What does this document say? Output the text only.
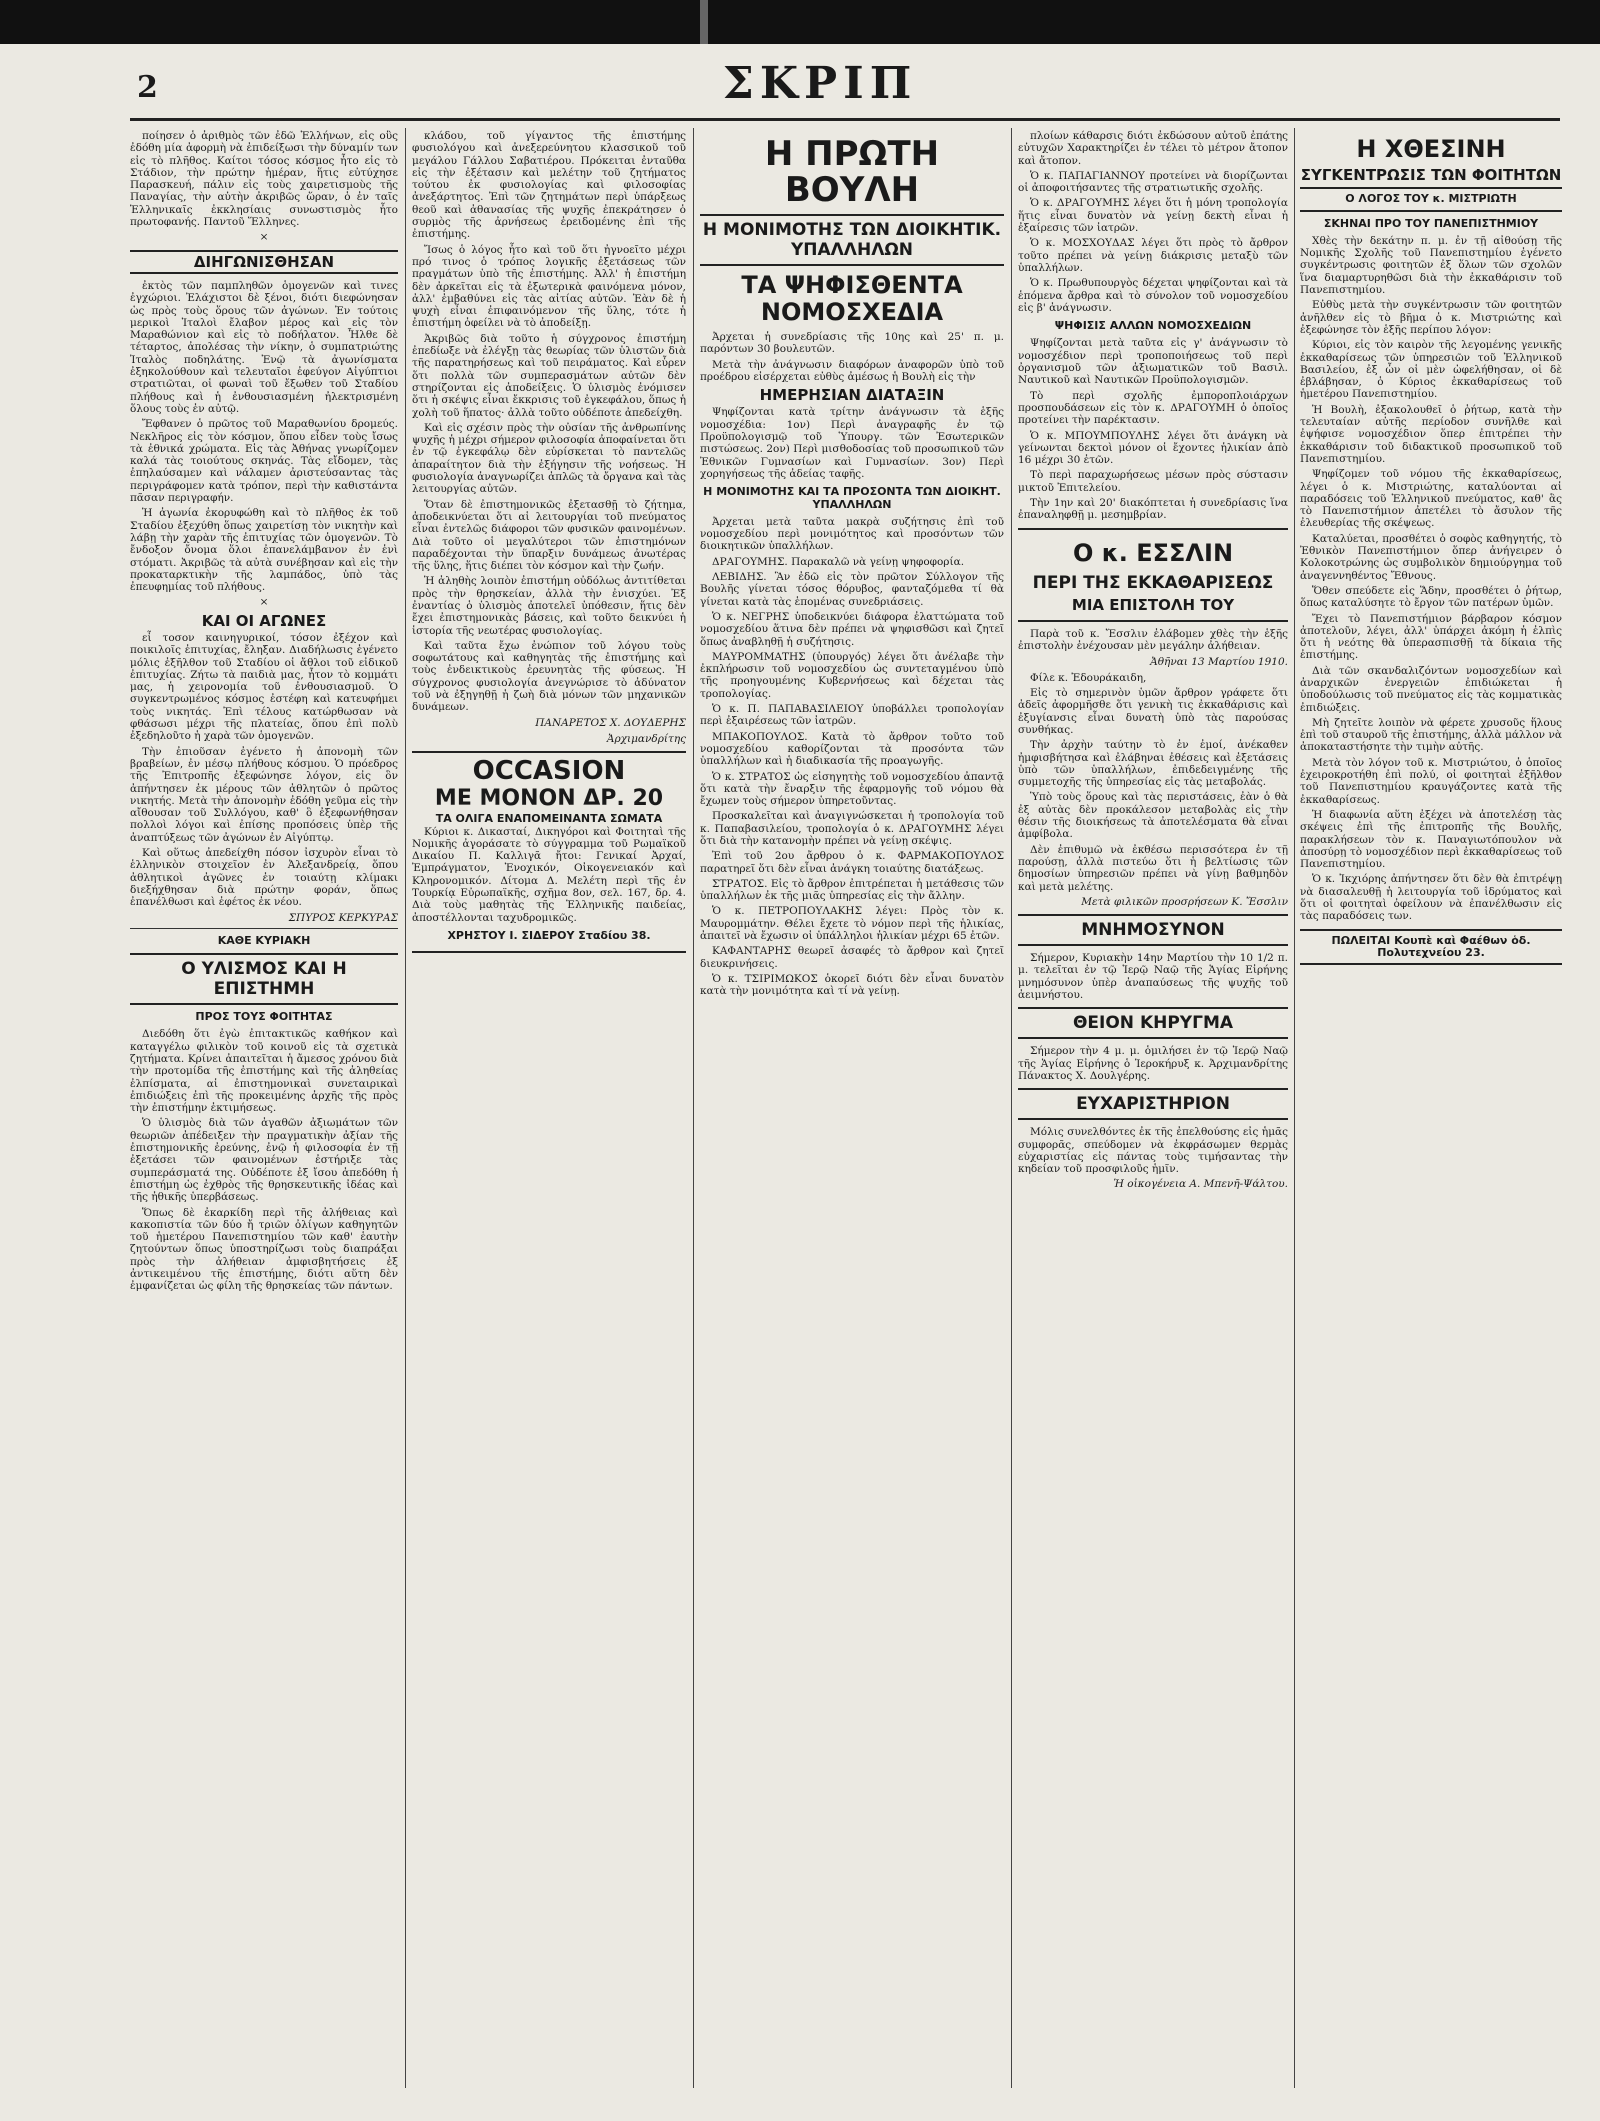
2	ΣΚΡΙΠ

ποίησεν ὁ ἀριθμὸς τῶν ἐδῶ Ἑλλήνων, εἰς οὓς ἐδόθη μία ἀφορμὴ νὰ ἐπιδείξωσι τὴν δύναμίν των εἰς τὸ πλῆθος. Καίτοι τόσος κόσμος ἦτο εἰς τὸ Στάδιον, τὴν πρώτην ἡμέραν, ἥτις εὐτύχησε Παρασκευή, πάλιν εἰς τοὺς χαιρετισμοὺς τῆς Παναγίας, τὴν αὐτὴν ἀκριβῶς ὥραν, ὁ ἐν ταῖς Ἑλληνικαῖς ἐκκλησίαις συνωστισμὸς ἦτο πρωτοφανής. Παντοῦ Ἕλληνες.

×
ΔΙΗΓΩΝΙΣΘΗΣΑΝ

ἐκτὸς τῶν παμπληθῶν ὁμογενῶν καὶ τινες ἐγχώριοι. Ἐλάχιστοι δὲ ξένοι, διότι διεφώνησαν ὡς πρὸς τοὺς ὅρους τῶν ἀγώνων. Ἐν τούτοις μερικοὶ Ἰταλοὶ ἔλαβον μέρος καὶ εἰς τὸν Μαραθώνιον καὶ εἰς τὸ ποδήλατον. Ἦλθε δὲ τέταρτος, ἀπολέσας τὴν νίκην, ὁ συμπατριώτης Ἰταλὸς ποδηλάτης. Ἐνῷ τὰ ἀγωνίσματα ἐξηκολούθουν καὶ τελευταῖοι ἐφεύγον Αἰγύπτιοι στρατιῶται, οἱ φωναὶ τοῦ ἔξωθεν τοῦ Σταδίου πλήθους καὶ ἡ ἐνθουσιασμένη ἠλεκτρισμένη ὅλους τοὺς ἐν αὐτῷ.

Ἔφθανεν ὁ πρῶτος τοῦ Μαραθωνίου δρομεύς. Νεκλῆρος εἰς τὸν κόσμον, ὅπου εἶδεν τοὺς ἴσως τὰ ἐθνικά χρώματα. Εἰς τὰς Ἀθήνας γνωρίζομεν καλά τὰς τοιούτους σκηνάς. Τὰς εἴδομεν, τὰς ἐπηλαύσαμεν καὶ νάλαμεν ἀριστεύσαντας τὰς περιγράφομεν κατὰ τρόπον, περὶ τὴν καθιστάντα πᾶσαν περιγραφήν.

Ἡ ἀγωνία ἐκορυφώθη καὶ τὸ πλῆθος ἐκ τοῦ Σταδίου ἐξεχύθη ὅπως χαιρετίσῃ τὸν νικητὴν καὶ λάβῃ τὴν χαρὰν τῆς ἐπιτυχίας τῶν ὁμογενῶν. Τὸ ἔνδοξον ὄνομα ὅλοι ἐπανελάμβανον ἐν ἑνὶ στόματι. Ἀκριβῶς τὰ αὐτὰ συνέβησαν καὶ εἰς τὴν προκαταρκτικὴν τῆς λαμπάδος, ὑπὸ τὰς ἐπευφημίας τοῦ πλήθους.

×
ΚΑΙ ΟΙ ΑΓΩΝΕΣ

εἶ τοσον καινηγυρικοί, τόσον ἐξέχον καὶ ποικιλοῖς ἐπιτυχίας, ἔληξαν. Διαδήλωσις ἐγένετο μόλις ἐξῆλθον τοῦ Σταδίου οἱ ἄθλοι τοῦ εἰδικοῦ ἐπιτυχίας. Ζήτω τὰ παιδιὰ μας, ἦτον τὸ κομμάτι μας, ἡ χειρονομία τοῦ ἐνθουσιασμοῦ. Ὁ συγκεντρωμένος κόσμος ἐστέφη καὶ κατευφήμει τοὺς νικητάς. Ἐπὶ τέλους κατώρθωσαν νὰ φθάσωσι μέχρι τῆς πλατείας, ὅπου ἐπὶ πολὺ ἐξεδηλοῦτο ἡ χαρὰ τῶν ὁμογενῶν.

Τὴν ἐπιοῦσαν ἐγένετο ἡ ἀπονομὴ τῶν βραβείων, ἐν μέσῳ πλήθους κόσμου. Ὁ πρόεδρος τῆς Ἐπιτροπῆς ἐξεφώνησε λόγον, εἰς ὃν ἀπήντησεν ἐκ μέρους τῶν ἀθλητῶν ὁ πρῶτος νικητής. Μετὰ τὴν ἀπονομὴν ἐδόθη γεῦμα εἰς τὴν αἴθουσαν τοῦ Συλλόγου, καθ' ὃ ἐξεφωνήθησαν πολλοὶ λόγοι καὶ ἐπίσης προπόσεις ὑπὲρ τῆς ἀναπτύξεως τῶν ἀγώνων ἐν Αἰγύπτῳ.

Καὶ οὕτως ἀπεδείχθη πόσον ἰσχυρὸν εἶναι τὸ ἑλληνικὸν στοιχεῖον ἐν Ἀλεξανδρείᾳ, ὅπου ἀθλητικοὶ ἀγῶνες ἐν τοιαύτῃ κλίμακι διεξήχθησαν διὰ πρώτην φοράν, ὅπως ἐπανέλθωσι καὶ ἐφέτος ἐκ νέου.

ΣΠΥΡΟΣ ΚΕΡΚΥΡΑΣ
ΚΑΘΕ ΚΥΡΙΑΚΗ
Ο ΥΛΙΣΜΟΣ ΚΑΙ Η ΕΠΙΣΤΗΜΗ
ΠΡΟΣ ΤΟΥΣ ΦΟΙΤΗΤΑΣ

Διεδόθη ὅτι ἐγὼ ἐπιτακτικῶς καθήκον καὶ καταγγέλω φιλικὸν τοῦ κοινοῦ εἰς τὰ σχετικὰ ζητήματα. Κρίνει ἀπαιτεῖται ἡ ἄμεσος χρόνου διὰ τὴν προτομίδα τῆς ἐπιστήμης καὶ τῆς ἀληθείας ἐλπίσματα, αἱ ἐπιστημονικαὶ συνεταιρικαὶ ἐπιδιώξεις ἐπὶ τῆς προκειμένης ἀρχῆς τῆς πρὸς τὴν ἐπιστήμην ἐκτιμήσεως.

Ὁ ὑλισμὸς διὰ τῶν ἀγαθῶν ἀξιωμάτων τῶν θεωριῶν ἀπέδειξεν τὴν πραγματικὴν ἀξίαν τῆς ἐπιστημονικῆς ἐρεύνης, ἐνῷ ἡ φιλοσοφία ἐν τῇ ἐξετάσει τῶν φαινομένων ἐστήριξε τὰς συμπεράσματά της. Οὐδέποτε ἐξ ἴσου ἀπεδόθη ἡ ἐπιστήμη ὡς ἐχθρὸς τῆς θρησκευτικῆς ἰδέας καὶ τῆς ἠθικῆς ὑπερβάσεως.

Ὅπως δὲ ἐκαρκίδη περὶ τῆς ἀλήθειας καὶ κακοπιστία τῶν δύο ἤ τριῶν ὀλίγων καθηγητῶν τοῦ ἡμετέρου Πανεπιστημίου τῶν καθ' ἑαυτὴν ζητούντων ὅπως ὑποστηρίζωσι τοὺς διαπράξαι πρὸς τὴν ἀλήθειαν ἀμφισβητήσεις ἐξ ἀντικειμένου τῆς ἐπιστήμης, διότι αὕτη δὲν ἐμφανίζεται ὡς φίλη τῆς θρησκείας τῶν πάντων.

κλάδου, τοῦ γίγαντος τῆς ἐπιστήμης φυσιολόγου καὶ ἀνεξερεύνητου κλασσικοῦ τοῦ μεγάλου Γάλλου Σαβατιέρου. Πρόκειται ἐνταῦθα εἰς τὴν ἐξέτασιν καὶ μελέτην τοῦ ζητήματος τούτου ἐκ φυσιολογίας καὶ φιλοσοφίας ἀνεξάρτητος. Ἐπὶ τῶν ζητημάτων περὶ ὑπάρξεως θεοῦ καὶ ἀθανασίας τῆς ψυχῆς ἐπεκράτησεν ὁ συρμὸς τῆς ἀρνήσεως ἐρειδομένης ἐπὶ τῆς ἐπιστήμης.

Ἴσως ὁ λόγος ἦτο καὶ τοῦ ὅτι ἠγνοεῖτο μέχρι πρό τινος ὁ τρόπος λογικῆς ἐξετάσεως τῶν πραγμάτων ὑπὸ τῆς ἐπιστήμης. Ἀλλ' ἡ ἐπιστήμη δὲν ἀρκεῖται εἰς τὰ ἐξωτερικὰ φαινόμενα μόνον, ἀλλ' ἐμβαθύνει εἰς τὰς αἰτίας αὐτῶν. Ἐὰν δὲ ἡ ψυχὴ εἶναι ἐπιφαινόμενον τῆς ὕλης, τότε ἡ ἐπιστήμη ὀφείλει νὰ τὸ ἀποδείξῃ.

Ἀκριβῶς διὰ τοῦτο ἡ σύγχρονος ἐπιστήμη ἐπεδίωξε νὰ ἐλέγξῃ τὰς θεωρίας τῶν ὑλιστῶν διὰ τῆς παρατηρήσεως καὶ τοῦ πειράματος. Καὶ εὗρεν ὅτι πολλὰ τῶν συμπερασμάτων αὐτῶν δὲν στηρίζονται εἰς ἀποδείξεις. Ὁ ὑλισμὸς ἐνόμισεν ὅτι ἡ σκέψις εἶναι ἔκκρισις τοῦ ἐγκεφάλου, ὅπως ἡ χολὴ τοῦ ἥπατος· ἀλλὰ τοῦτο οὐδέποτε ἀπεδείχθη.

Καὶ εἰς σχέσιν πρὸς τὴν οὐσίαν τῆς ἀνθρωπίνης ψυχῆς ἡ μέχρι σήμερον φιλοσοφία ἀποφαίνεται ὅτι ἐν τῷ ἐγκεφάλῳ δὲν εὑρίσκεται τὸ παντελῶς ἀπαραίτητον διὰ τὴν ἐξήγησιν τῆς νοήσεως. Ἡ φυσιολογία ἀναγνωρίζει ἀπλῶς τὰ ὄργανα καὶ τὰς λειτουργίας αὐτῶν.

Ὅταν δὲ ἐπιστημονικῶς ἐξετασθῇ τὸ ζήτημα, ἀποδεικνύεται ὅτι αἱ λειτουργίαι τοῦ πνεύματος εἶναι ἐντελῶς διάφοροι τῶν φυσικῶν φαινομένων. Διὰ τοῦτο οἱ μεγαλύτεροι τῶν ἐπιστημόνων παραδέχονται τὴν ὕπαρξιν δυνάμεως ἀνωτέρας τῆς ὕλης, ἥτις διέπει τὸν κόσμον καὶ τὴν ζωήν.

Ἡ ἀληθὴς λοιπὸν ἐπιστήμη οὐδόλως ἀντιτίθεται πρὸς τὴν θρησκείαν, ἀλλὰ τὴν ἐνισχύει. Ἐξ ἐναντίας ὁ ὑλισμὸς ἀποτελεῖ ὑπόθεσιν, ἥτις δὲν ἔχει ἐπιστημονικὰς βάσεις, καὶ τοῦτο δεικνύει ἡ ἱστορία τῆς νεωτέρας φυσιολογίας.

Καὶ ταῦτα ἔχω ἐνώπιον τοῦ λόγου τοὺς σοφωτάτους καὶ καθηγητὰς τῆς ἐπιστήμης καὶ τοὺς ἐνδεικτικοὺς ἐρευνητὰς τῆς φύσεως. Ἡ σύγχρονος φυσιολογία ἀνεγνώρισε τὸ ἀδύνατον τοῦ νὰ ἐξηγηθῇ ἡ ζωὴ διὰ μόνων τῶν μηχανικῶν δυνάμεων.

ΠΑΝΑΡΕΤΟΣ Χ. ΔΟΥΔΕΡΗΣ
Ἀρχιμανδρίτης
OCCASION
ΜΕ ΜΟΝΟΝ ΔΡ. 20
ΤΑ ΟΛΙΓΑ ΕΝΑΠΟΜΕΙΝΑΝΤΑ ΣΩΜΑΤΑ

Κύριοι κ. Δικασταί, Δικηγόροι καὶ Φοιτηταὶ τῆς Νομικῆς ἀγοράσατε τὸ σύγγραμμα τοῦ Ρωμαϊκοῦ Δικαίου Π. Καλλιγᾶ ἤτοι: Γενικαί Ἀρχαί, Ἐμπράγματον, Ἐνοχικόν, Οἰκογενειακόν καὶ Κληρονομικόν. Δίτομα Δ. Μελέτη περὶ τῆς ἐν Τουρκίᾳ Εὐρωπαϊκῆς, σχῆμα 8ον, σελ. 167, δρ. 4. Διὰ τοὺς μαθητὰς τῆς Ἑλληνικῆς παιδείας, ἀποστέλλονται ταχυδρομικῶς.

ΧΡΗΣΤΟΥ Ι. ΣΙΔΕΡΟΥ Σταδίου 38.
Η ΠΡΩΤΗ ΒΟΥΛΗ
Η ΜΟΝΙΜΟΤΗΣ ΤΩΝ ΔΙΟΙΚΗΤΙΚ. ΥΠΑΛΛΗΛΩΝ
ΤΑ ΨΗΦΙΣΘΕΝΤΑ ΝΟΜΟΣΧΕΔΙΑ

Ἀρχεται ἡ συνεδρίασις τῆς 10ης καὶ 25' π. μ. παρόντων 30 βουλευτῶν.

Μετὰ τὴν ἀνάγνωσιν διαφόρων ἀναφορῶν ὑπὸ τοῦ προέδρου εἰσέρχεται εὐθὺς ἀμέσως ἡ Βουλὴ εἰς τὴν

ΗΜΕΡΗΣΙΑΝ ΔΙΑΤΑΞΙΝ

Ψηφίζονται κατὰ τρίτην ἀνάγνωσιν τὰ ἑξῆς νομοσχέδια: 1ον) Περὶ ἀναγραφῆς ἐν τῷ Προϋπολογισμῷ τοῦ Ὑπουργ. τῶν Ἐσωτερικῶν πιστώσεως. 2ον) Περὶ μισθοδοσίας τοῦ προσωπικοῦ τῶν Ἐθνικῶν Γυμνασίων καὶ Γυμνασίων. 3ον) Περὶ χορηγήσεως τῆς ἀδείας ταφῆς.

Η ΜΟΝΙΜΟΤΗΣ ΚΑΙ ΤΑ ΠΡΟΣΟΝΤΑ ΤΩΝ ΔΙΟΙΚΗΤ. ΥΠΑΛΛΗΛΩΝ

Ἀρχεται μετὰ ταῦτα μακρὰ συζήτησις ἐπὶ τοῦ νομοσχεδίου περὶ μονιμότητος καὶ προσόντων τῶν διοικητικῶν ὑπαλλήλων.

ΔΡΑΓΟΥΜΗΣ. Παρακαλῶ νὰ γείνῃ ψηφοφορία.

ΛΕΒΙΔΗΣ. Ἂν ἐδῶ εἰς τὸν πρῶτον Σύλλογον τῆς Βουλῆς γίνεται τόσος θόρυβος, φανταζόμεθα τί θὰ γίνεται κατὰ τὰς ἑπομένας συνεδριάσεις.

Ὁ κ. ΝΕΓΡΗΣ ὑποδεικνύει διάφορα ἐλαττώματα τοῦ νομοσχεδίου ἅτινα δὲν πρέπει νὰ ψηφισθῶσι καὶ ζητεῖ ὅπως ἀναβληθῇ ἡ συζήτησις.

ΜΑΥΡΟΜΜΑΤΗΣ (ὑπουργός) λέγει ὅτι ἀνέλαβε τὴν ἐκπλήρωσιν τοῦ νομοσχεδίου ὡς συντεταγμένου ὑπὸ τῆς προηγουμένης Κυβερνήσεως καὶ δέχεται τὰς τροπολογίας.

Ὁ κ. Π. ΠΑΠΑΒΑΣΙΛΕΙΟΥ ὑποβάλλει τροπολογίαν περὶ ἐξαιρέσεως τῶν ἰατρῶν.

ΜΠΑΚΟΠΟΥΛΟΣ. Κατὰ τὸ ἄρθρον τοῦτο τοῦ νομοσχεδίου καθορίζονται τὰ προσόντα τῶν ὑπαλλήλων καὶ ἡ διαδικασία τῆς προαγωγῆς.

Ὁ κ. ΣΤΡΑΤΟΣ ὡς εἰσηγητὴς τοῦ νομοσχεδίου ἀπαντᾷ ὅτι κατὰ τὴν ἔναρξιν τῆς ἐφαρμογῆς τοῦ νόμου θὰ ἔχωμεν τοὺς σήμερον ὑπηρετοῦντας.

Προσκαλεῖται καὶ ἀναγιγνώσκεται ἡ τροπολογία τοῦ κ. Παπαβασιλείου, τροπολογία ὁ κ. ΔΡΑΓΟΥΜΗΣ λέγει ὅτι διὰ τὴν κατανομὴν πρέπει νὰ γείνῃ σκέψις.

Ἐπὶ τοῦ 2ου ἄρθρου ὁ κ. ΦΑΡΜΑΚΟΠΟΥΛΟΣ παρατηρεῖ ὅτι δὲν εἶναι ἀνάγκη τοιαύτης διατάξεως.

ΣΤΡΑΤΟΣ. Εἰς τὸ ἄρθρον ἐπιτρέπεται ἡ μετάθεσις τῶν ὑπαλλήλων ἐκ τῆς μιᾶς ὑπηρεσίας εἰς τὴν ἄλλην.

Ὁ κ. ΠΕΤΡΟΠΟΥΛΑΚΗΣ λέγει: Πρὸς τὸν κ. Μαυρομμάτην. Θέλει ἔχετε τὸ νόμον περὶ τῆς ἡλικίας, ἀπαιτεῖ νὰ ἔχωσιν οἱ ὑπάλληλοι ἡλικίαν μέχρι 65 ἐτῶν.

ΚΑΦΑΝΤΑΡΗΣ θεωρεῖ ἀσαφές τὸ ἄρθρον καὶ ζητεῖ διευκρινήσεις.

Ὁ κ. ΤΣΙΡΙΜΩΚΟΣ ὁκορεῖ διότι δὲν εἶναι δυνατὸν κατὰ τὴν μονιμότητα καὶ τί νὰ γείνῃ.

πλοίων κάθαρσις διότι ἐκδώσουν αὐτοῦ ἐπάτης εὐτυχῶν Χαρακτηρίζει ἐν τέλει τὸ μέτρον ἄτοπον καὶ ἄτοπον.

Ὁ κ. ΠΑΠΑΓΙΑΝΝΟΥ προτείνει νὰ διορίζωνται οἱ ἀποφοιτήσαντες τῆς στρατιωτικῆς σχολῆς.

Ὁ κ. ΔΡΑΓΟΥΜΗΣ λέγει ὅτι ἡ μόνη τροπολογία ἥτις εἶναι δυνατὸν νὰ γείνῃ δεκτὴ εἶναι ἡ ἐξαίρεσις τῶν ἰατρῶν.

Ὁ κ. ΜΟΣΧΟΥΔΑΣ λέγει ὅτι πρὸς τὸ ἄρθρον τοῦτο πρέπει νὰ γείνῃ διάκρισις μεταξὺ τῶν ὑπαλλήλων.

Ὁ κ. Πρωθυπουργὸς δέχεται ψηφίζονται καὶ τὰ ἑπόμενα ἄρθρα καὶ τὸ σύνολον τοῦ νομοσχεδίου εἰς β' ἀνάγνωσιν.

ΨΗΦΙΣΙΣ ΑΛΛΩΝ ΝΟΜΟΣΧΕΔΙΩΝ

Ψηφίζονται μετὰ ταῦτα εἰς γ' ἀνάγνωσιν τὸ νομοσχέδιον περὶ τροποποιήσεως τοῦ περὶ ὀργανισμοῦ τῶν ἀξιωματικῶν τοῦ Βασιλ. Ναυτικοῦ καὶ Ναυτικῶν Προϋπολογισμῶν.

Τὸ περὶ σχολῆς ἐμποροπλοιάρχων προσπουδάσεων εἰς τὸν κ. ΔΡΑΓΟΥΜΗ ὁ ὁποῖος προτείνει τὴν παρέκτασιν.

Ὁ κ. ΜΠΟΥΜΠΟΥΛΗΣ λέγει ὅτι ἀνάγκη νὰ γείνωνται δεκτοὶ μόνον οἱ ἔχοντες ἡλικίαν ἀπὸ 16 μέχρι 30 ἐτῶν.

Τὸ περὶ παραχωρήσεως μέσων πρὸς σύστασιν μικτοῦ Ἐπιτελείου.

Τὴν 1ην καὶ 20' διακόπτεται ἡ συνεδρίασις ἵνα ἐπαναληφθῇ μ. μεσημβρίαν.

Ο κ. ΕΣΣΛΙΝ
ΠΕΡΙ ΤΗΣ ΕΚΚΑΘΑΡΙΣΕΩΣ
ΜΙΑ ΕΠΙΣΤΟΛΗ ΤΟΥ

Παρὰ τοῦ κ. Ἔσσλιν ἐλάβομεν χθὲς τὴν ἑξῆς ἐπιστολὴν ἐνέχουσαν μὲν μεγάλην ἀλήθειαν.

Ἀθῆναι 13 Μαρτίου 1910.

Φίλε κ. Ἐδουράκαιδη,

Εἰς τὸ σημερινὸν ὑμῶν ἄρθρον γράφετε ὅτι ἀδεῖς ἀφορμῆσθε ὅτι γενικὴ τις ἐκκαθάρισις καὶ ἐξυγίανσις εἶναι δυνατὴ ὑπὸ τὰς παρούσας συνθήκας.

Τὴν ἀρχὴν ταύτην τὸ ἐν ἐμοί, ἀνέκαθεν ἠμφισβήτησα καὶ ἐλάβηναι ἐθέσεις καὶ ἐξετάσεις ὑπὸ τῶν ὑπαλλήλων, ἐπιδεδειγμένης τῆς συμμετοχῆς τῆς ὑπηρεσίας εἰς τὰς μεταβολάς.

Ὑπὸ τοὺς ὅρους καὶ τὰς περιστάσεις, ἐὰν ὁ θὰ ἐξ αὐτὰς δὲν προκάλεσον μεταβολὰς εἰς τὴν θέσιν τῆς διοικήσεως τὰ ἀποτελέσματα θὰ εἶναι ἀμφίβολα.

Δὲν ἐπιθυμῶ νὰ ἐκθέσω περισσότερα ἐν τῇ παρούσῃ, ἀλλὰ πιστεύω ὅτι ἡ βελτίωσις τῶν δημοσίων ὑπηρεσιῶν πρέπει νὰ γίνῃ βαθμηδὸν καὶ μετὰ μελέτης.

Μετὰ φιλικῶν προσρήσεων Κ. Ἔσσλιν
ΜΝΗΜΟΣΥΝΟΝ

Σήμερον, Κυριακὴν 14ην Μαρτίου τὴν 10 1/2 π. μ. τελεῖται ἐν τῷ Ἱερῷ Ναῷ τῆς Ἁγίας Εἰρήνης μνημόσυνον ὑπὲρ ἀναπαύσεως τῆς ψυχῆς τοῦ ἀειμνήστου.

ΘΕΙΟΝ ΚΗΡΥΓΜΑ

Σήμερον τὴν 4 μ. μ. ὁμιλήσει ἐν τῷ Ἱερῷ Ναῷ τῆς Ἁγίας Εἰρήνης ὁ Ἱεροκήρυξ κ. Ἀρχιμανδρίτης Πάνακτος Χ. Δουλγέρης.

ΕΥΧΑΡΙΣΤΗΡΙΟΝ

Μόλις συνελθόντες ἐκ τῆς ἐπελθούσης εἰς ἡμᾶς συμφορᾶς, σπεύδομεν νὰ ἐκφράσωμεν θερμὰς εὐχαριστίας εἰς πάντας τοὺς τιμήσαντας τὴν κηδείαν τοῦ προσφιλοῦς ἡμῖν.

Ἡ οἰκογένεια Α. Μπενῆ-Ψάλτου.
Η ΧΘΕΣΙΝΗ
ΣΥΓΚΕΝΤΡΩΣΙΣ ΤΩΝ ΦΟΙΤΗΤΩΝ
Ο ΛΟΓΟΣ ΤΟΥ κ. ΜΙΣΤΡΙΩΤΗ
ΣΚΗΝΑΙ ΠΡΟ ΤΟΥ ΠΑΝΕΠΙΣΤΗΜΙΟΥ

Χθὲς τὴν δεκάτην π. μ. ἐν τῇ αἰθούσῃ τῆς Νομικῆς Σχολῆς τοῦ Πανεπιστημίου ἐγένετο συγκέντρωσις φοιτητῶν ἐξ ὅλων τῶν σχολῶν ἵνα διαμαρτυρηθῶσι διὰ τὴν ἐκκαθάρισιν τοῦ Πανεπιστημίου.

Εὐθὺς μετὰ τὴν συγκέντρωσιν τῶν φοιτητῶν ἀνῆλθεν εἰς τὸ βῆμα ὁ κ. Μιστριώτης καὶ ἐξεφώνησε τὸν ἑξῆς περίπου λόγον:

Κύριοι, εἰς τὸν καιρὸν τῆς λεγομένης γενικῆς ἐκκαθαρίσεως τῶν ὑπηρεσιῶν τοῦ Ἑλληνικοῦ Βασιλείου, ἐξ ὧν οἱ μὲν ὠφελήθησαν, οἱ δὲ ἐβλάβησαν, ὁ Κύριος ἐκκαθαρίσεως τοῦ ἡμετέρου Πανεπιστημίου.

Ἡ Βουλὴ, ἐξακολουθεῖ ὁ ῥήτωρ, κατὰ τὴν τελευταίαν αὐτῆς περίοδον συνῆλθε καὶ ἐψήφισε νομοσχέδιον ὅπερ ἐπιτρέπει τὴν ἐκκαθάρισιν τοῦ διδακτικοῦ προσωπικοῦ τοῦ Πανεπιστημίου.

Ψηφίζομεν τοῦ νόμου τῆς ἐκκαθαρίσεως, λέγει ὁ κ. Μιστριώτης, καταλύονται αἱ παραδόσεις τοῦ Ἑλληνικοῦ πνεύματος, καθ' ἃς τὸ Πανεπιστήμιον ἀπετέλει τὸ ἄσυλον τῆς ἐλευθερίας τῆς σκέψεως.

Καταλύεται, προσθέτει ὁ σοφὸς καθηγητής, τὸ Ἐθνικὸν Πανεπιστήμιον ὅπερ ἀνήγειρεν ὁ Κολοκοτρώνης ὡς συμβολικὸν δημιούργημα τοῦ ἀναγεννηθέντος Ἔθνους.

Ὅθεν σπεύδετε εἰς Ἅδην, προσθέτει ὁ ῥήτωρ, ὅπως καταλύσητε τὸ ἔργον τῶν πατέρων ὑμῶν.

Ἔχει τὸ Πανεπιστήμιον βάρβαρον κόσμον ἀποτελοῦν, λέγει, ἀλλ' ὑπάρχει ἀκόμη ἡ ἐλπὶς ὅτι ἡ νεότης θὰ ὑπερασπισθῇ τὰ δίκαια τῆς ἐπιστήμης.

Διὰ τῶν σκανδαλιζόντων νομοσχεδίων καὶ ἀναρχικῶν ἐνεργειῶν ἐπιδιώκεται ἡ ὑποδούλωσις τοῦ πνεύματος εἰς τὰς κομματικὰς ἐπιδιώξεις.

Μὴ ζητεῖτε λοιπὸν νὰ φέρετε χρυσοῦς ἥλους ἐπὶ τοῦ σταυροῦ τῆς ἐπιστήμης, ἀλλὰ μάλλον νὰ ἀποκαταστήσητε τὴν τιμὴν αὐτῆς.

Μετὰ τὸν λόγον τοῦ κ. Μιστριώτου, ὁ ὁποῖος ἐχειροκροτήθη ἐπὶ πολύ, οἱ φοιτηταὶ ἐξῆλθον τοῦ Πανεπιστημίου κραυγάζοντες κατὰ τῆς ἐκκαθαρίσεως.

Ἡ διαφωνία αὕτη ἐξέχει νὰ ἀποτελέσῃ τὰς σκέψεις ἐπὶ τῆς ἐπιτροπῆς τῆς Βουλῆς, παρακλήσεων τὸν κ. Παναγιωτόπουλον νὰ ἀποσύρῃ τὸ νομοσχέδιον περὶ ἐκκαθαρίσεως τοῦ Πανεπιστημίου.

Ὁ κ. Ἰκχιόρης ἀπήντησεν ὅτι δὲν θὰ ἐπιτρέψῃ νὰ διασαλευθῇ ἡ λειτουργία τοῦ ἱδρύματος καὶ ὅτι οἱ φοιτηταὶ ὀφείλουν νὰ ἐπανέλθωσιν εἰς τὰς παραδόσεις των.

ΠΩΛΕΙΤΑΙ Κουπὲ καὶ Φαέθων ὁδ. Πολυτεχνείου 23.
